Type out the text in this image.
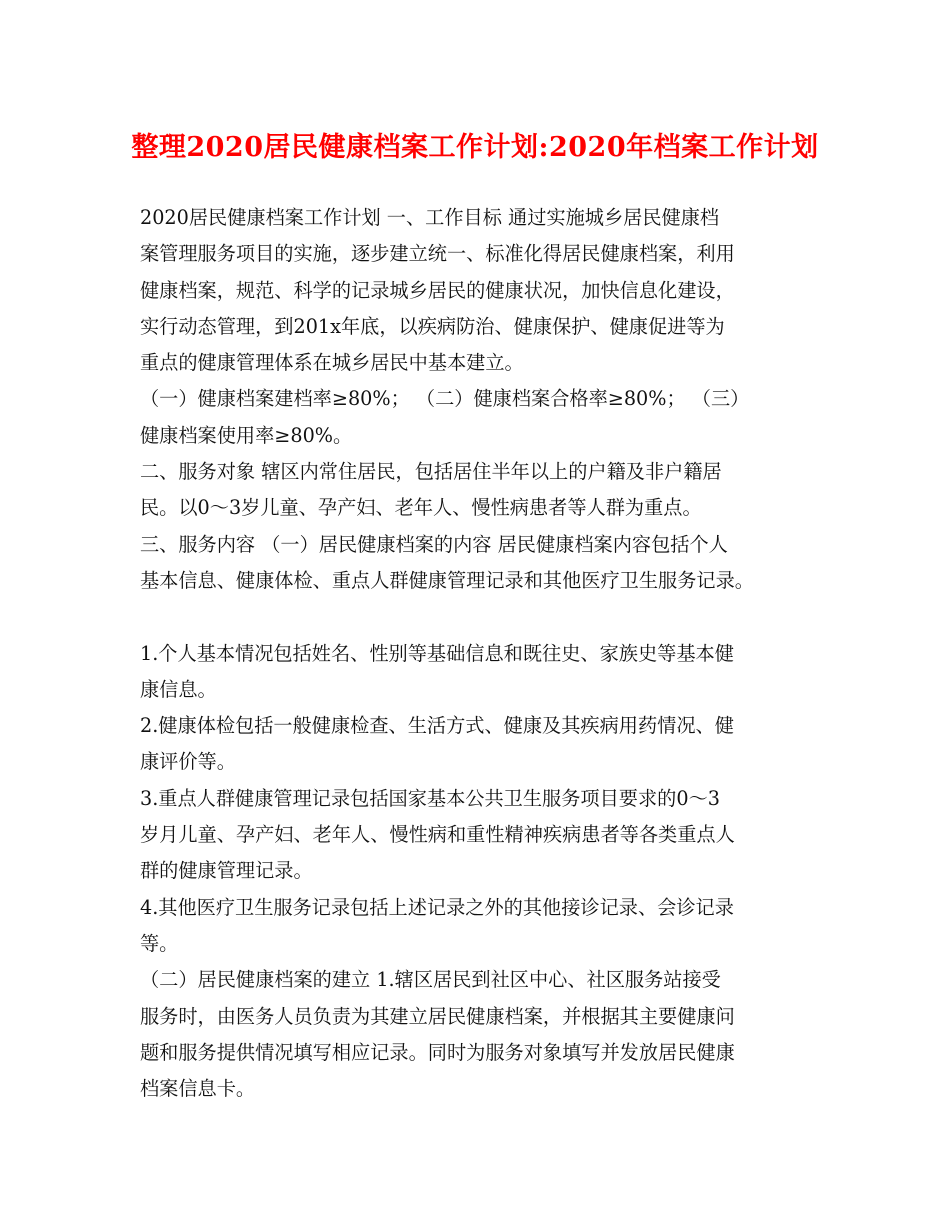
整理2020居民健康档案工作计划:2020年档案工作计划
2020居民健康档案工作计划 一、工作目标 通过实施城乡居民健康档
案管理服务项目的实施，逐步建立统一、标准化得居民健康档案，利用
健康档案，规范、科学的记录城乡居民的健康状况，加快信息化建设，
实行动态管理，到201x年底，以疾病防治、健康保护、健康促进等为
重点的健康管理体系在城乡居民中基本建立。
（一）健康档案建档率≥80%； （二）健康档案合格率≥80%； （三）
健康档案使用率≥80%。
二、服务对象 辖区内常住居民，包括居住半年以上的户籍及非户籍居
民。以0～3岁儿童、孕产妇、老年人、慢性病患者等人群为重点。
三、服务内容 （一）居民健康档案的内容 居民健康档案内容包括个人
基本信息、健康体检、重点人群健康管理记录和其他医疗卫生服务记录。
1.个人基本情况包括姓名、性别等基础信息和既往史、家族史等基本健
康信息。
2.健康体检包括一般健康检查、生活方式、健康及其疾病用药情况、健
康评价等。
3.重点人群健康管理记录包括国家基本公共卫生服务项目要求的0～3
岁月儿童、孕产妇、老年人、慢性病和重性精神疾病患者等各类重点人
群的健康管理记录。
4.其他医疗卫生服务记录包括上述记录之外的其他接诊记录、会诊记录
等。
（二）居民健康档案的建立 1.辖区居民到社区中心、社区服务站接受
服务时，由医务人员负责为其建立居民健康档案，并根据其主要健康问
题和服务提供情况填写相应记录。同时为服务对象填写并发放居民健康
档案信息卡。
